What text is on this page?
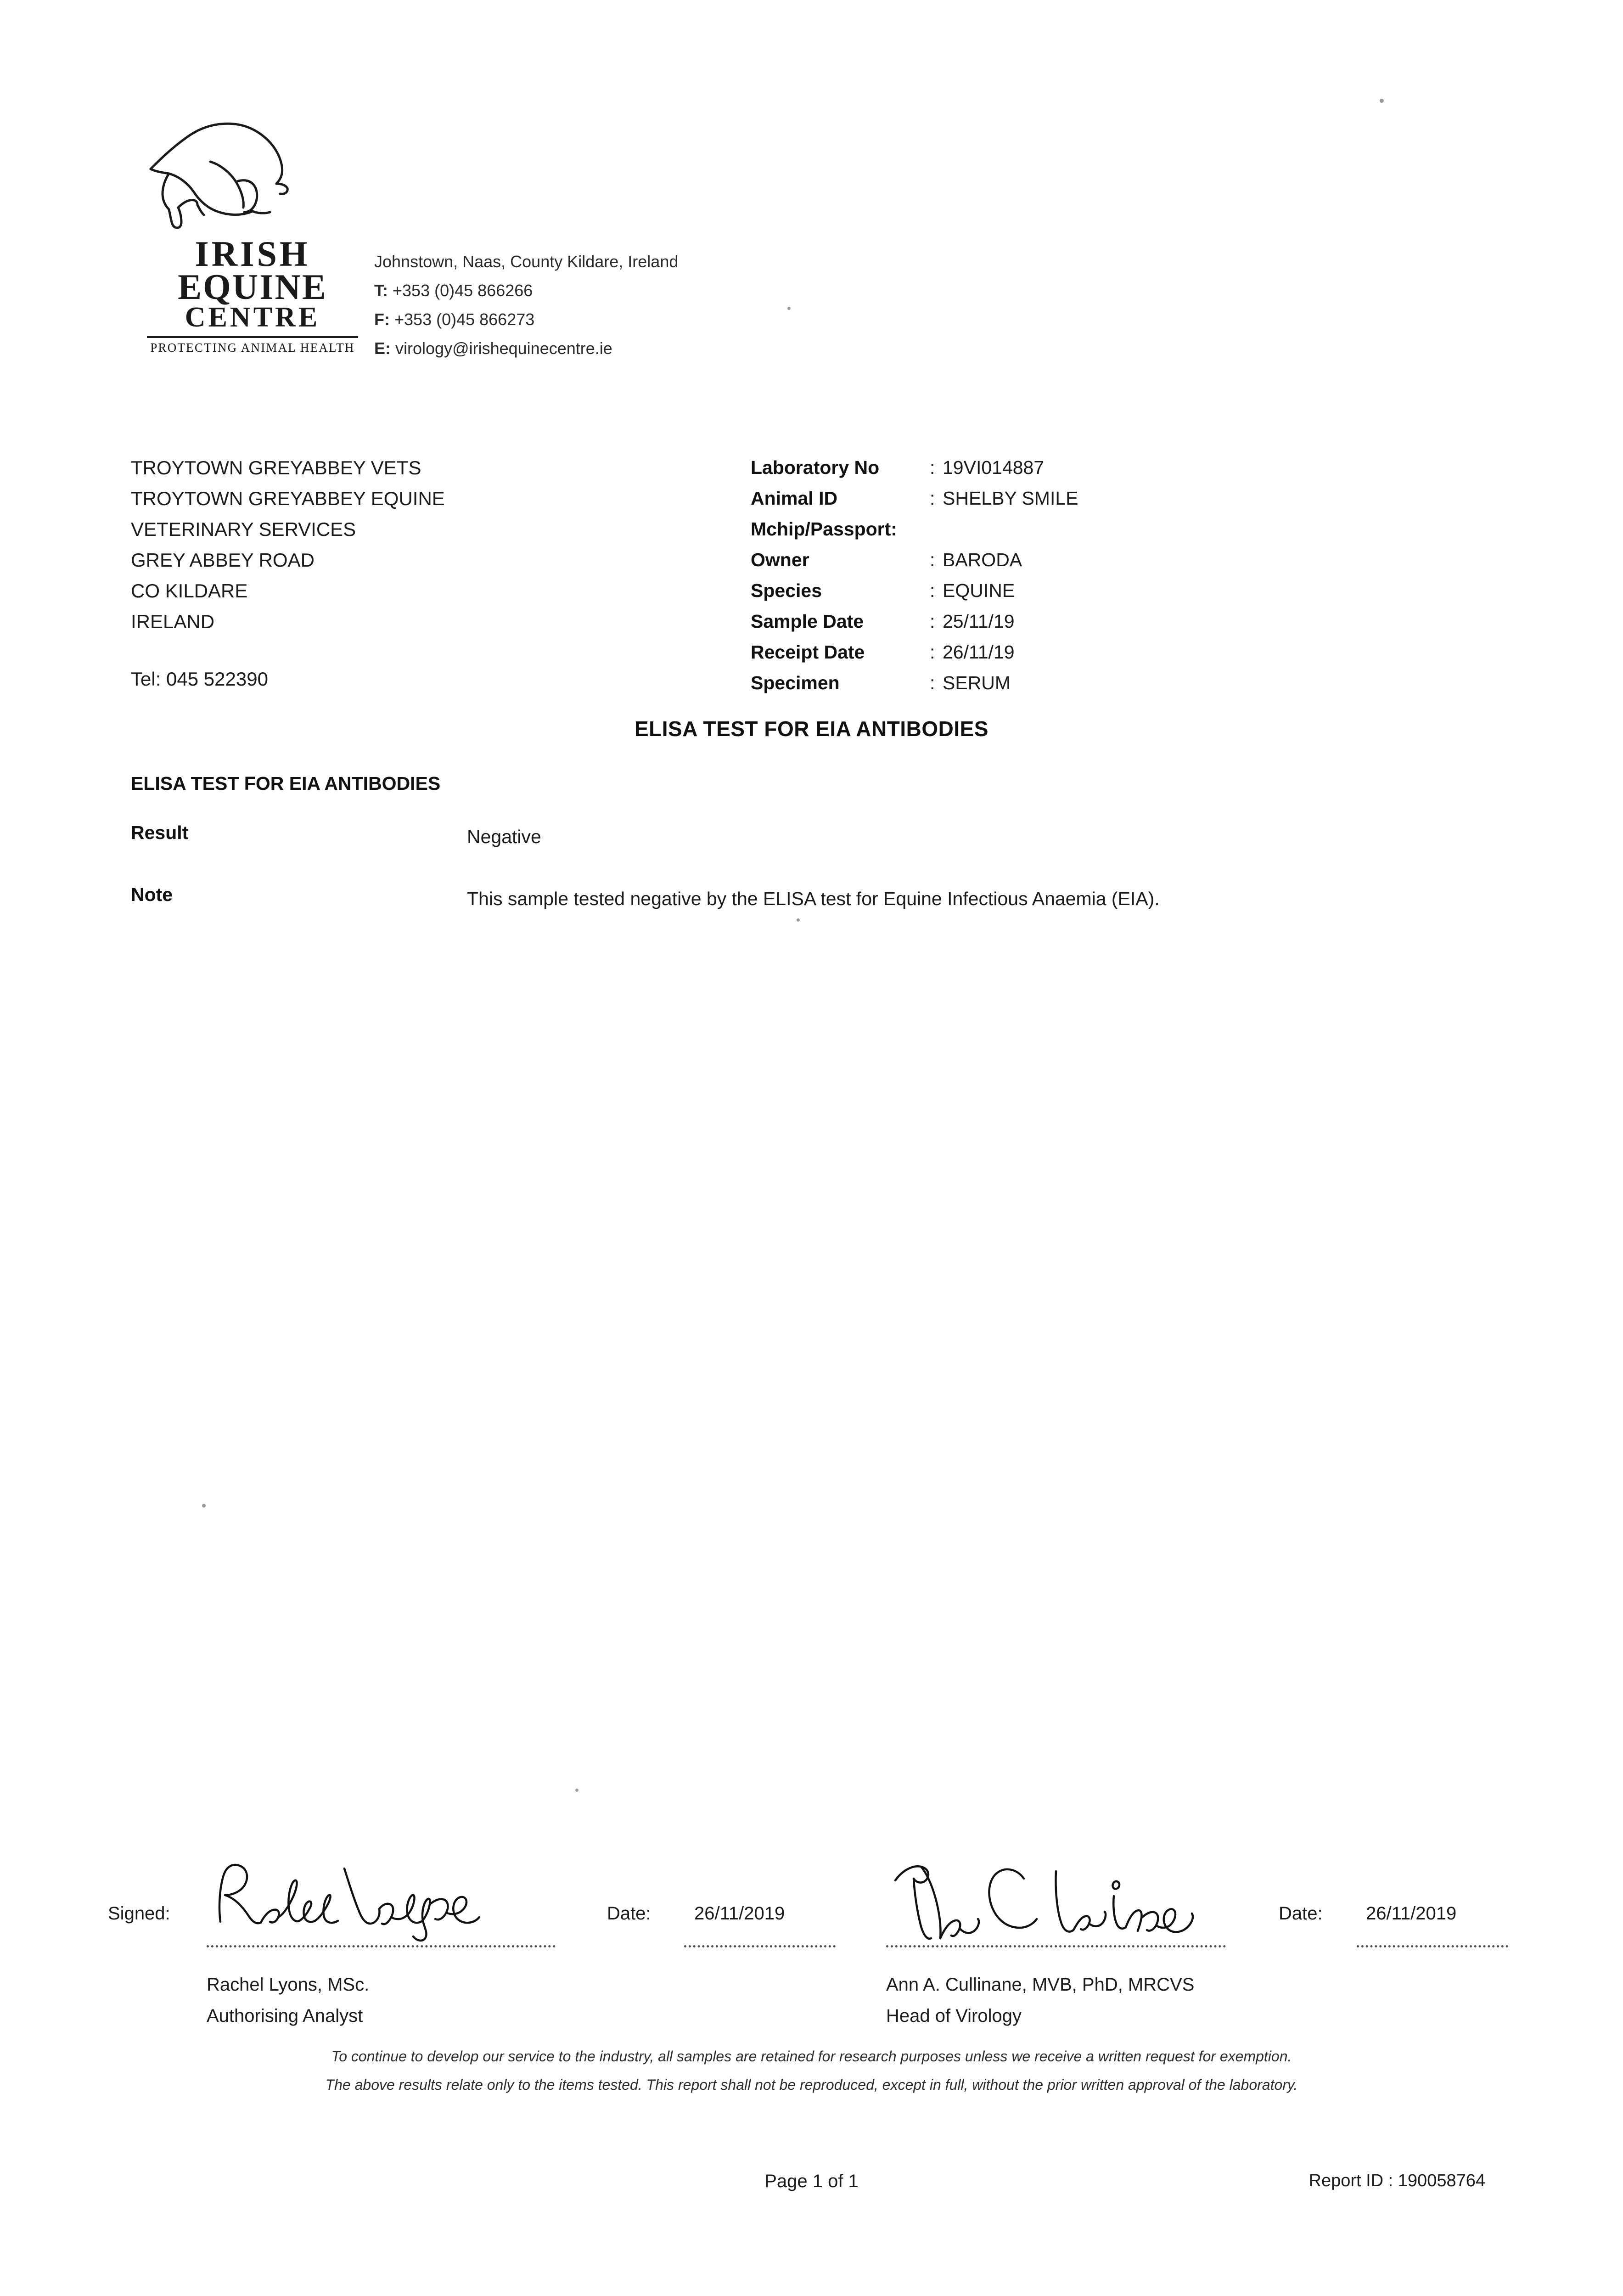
IRISH
EQUINE
CENTRE
PROTECTING ANIMAL HEALTH
Johnstown, Naas, County Kildare, Ireland
T: +353 (0)45 866266
F: +353 (0)45 866273
E: virology@irishequinecentre.ie
TROYTOWN GREYABBEY VETS
TROYTOWN GREYABBEY EQUINE
VETERINARY SERVICES
GREY ABBEY ROAD
CO KILDARE
IRELAND
Tel: 045 522390
Laboratory No	: 19VI014887
Animal ID	: SHELBY SMILE
Mchip/Passport:
Owner	: BARODA
Species	: EQUINE
Sample Date	: 25/11/19
Receipt Date	: 26/11/19
Specimen	: SERUM
ELISA TEST FOR EIA ANTIBODIES
ELISA TEST FOR EIA ANTIBODIES
Result	Negative
Note	This sample tested negative by the ELISA test for Equine Infectious Anaemia (EIA).
Signed:
Rachel Lyons, MSc.
Authorising Analyst
Date: 26/11/2019
Ann A. Cullinane, MVB, PhD, MRCVS
Head of Virology
Date: 26/11/2019
To continue to develop our service to the industry, all samples are retained for research purposes unless we receive a written request for exemption.
The above results relate only to the items tested. This report shall not be reproduced, except in full, without the prior written approval of the laboratory.
Page 1 of 1	Report ID : 190058764
